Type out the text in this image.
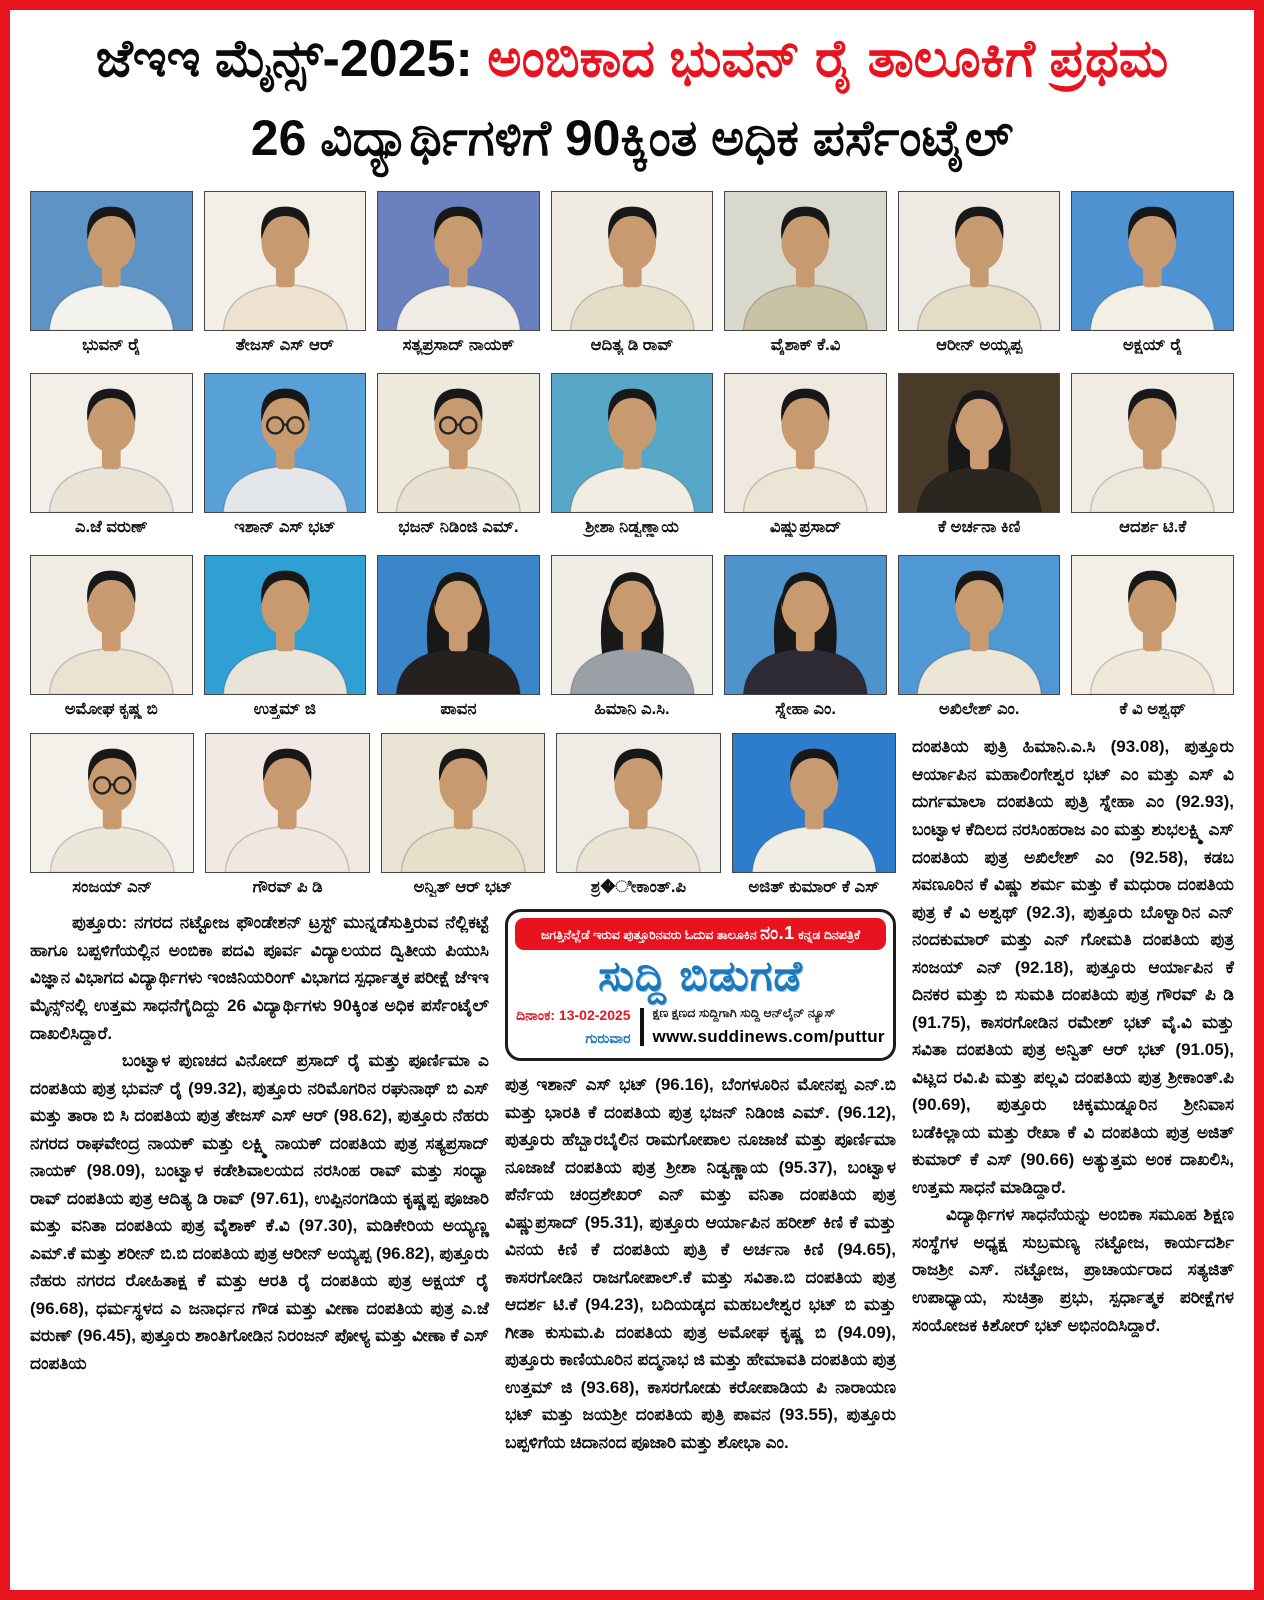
ಜೆಇಇ ಮೈನ್ಸ್-2025: ಅಂಬಿಕಾದ ಭುವನ್ ರೈ ತಾಲೂಕಿಗೆ ಪ್ರಥಮ
26 ವಿದ್ಯಾರ್ಥಿಗಳಿಗೆ 90ಕ್ಕಿಂತ ಅಧಿಕ ಪರ್ಸೆಂಟೈಲ್
ಭುವನ್ ರೈ	ತೇಜಸ್ ಎಸ್ ಆರ್	ಸತ್ಯಪ್ರಸಾದ್ ನಾಯಕ್	ಆದಿತ್ಯ ಡಿ ರಾವ್	ವೈಶಾಕ್ ಕೆ.ವಿ	ಆರೀನ್ ಅಯ್ಯಪ್ಪ	ಅಕ್ಷಯ್ ರೈ
ಎ.ಜೆ ವರುಣ್	ಇಶಾನ್ ಎಸ್ ಭಟ್	ಭಜನ್ ನಿಡಿಂಜಿ ಎಮ್.	ಶ್ರೀಶಾ ನಿಡ್ವಣ್ಣಾಯ	ವಿಷ್ಣುಪ್ರಸಾದ್	ಕೆ ಅರ್ಚನಾ ಕಿಣಿ	ಆದರ್ಶ ಟಿ.ಕೆ
ಅಮೋಘ ಕೃಷ್ಣ ಬಿ	ಉತ್ತಮ್ ಜಿ	ಪಾವನ	ಹಿಮಾನಿ ಎ.ಸಿ.	ಸ್ನೇಹಾ ಎಂ.	ಅಖಿಲೇಶ್ ಎಂ.	ಕೆ ವಿ ಅಶ್ವಥ್
ಸಂಜಯ್ ಎನ್	ಗೌರವ್ ಪಿ ಡಿ	ಅನ್ವಿತ್ ಆರ್ ಭಟ್	ಶ್ರ�ೀಕಾಂತ್.ಪಿ	ಅಜಿತ್ ಕುಮಾರ್ ಕೆ ಎಸ್

ಪುತ್ತೂರು: ನಗರದ ನಟ್ಟೋಜ ಫೌಂಡೇಶನ್ ಟ್ರಸ್ಟ್ ಮುನ್ನಡೆಸುತ್ತಿರುವ ನೆಲ್ಲಿಕಟ್ಟೆ ಹಾಗೂ ಬಪ್ಪಳಿಗೆಯಲ್ಲಿನ ಅಂಬಿಕಾ ಪದವಿ ಪೂರ್ವ ವಿದ್ಯಾಲಯದ ದ್ವಿತೀಯ ಪಿಯುಸಿ ವಿಜ್ಞಾನ ವಿಭಾಗದ ವಿದ್ಯಾರ್ಥಿಗಳು ಇಂಜಿನಿಯರಿಂಗ್ ವಿಭಾಗದ ಸ್ಪರ್ಧಾತ್ಮಕ ಪರೀಕ್ಷೆ ಜೆಇಇ ಮೈನ್ಸ್‌ನಲ್ಲಿ ಉತ್ತಮ ಸಾಧನೆಗೈದಿದ್ದು 26 ವಿದ್ಯಾರ್ಥಿಗಳು 90ಕ್ಕಿಂತ ಅಧಿಕ ಪರ್ಸೆಂಟೈಲ್ ದಾಖಲಿಸಿದ್ದಾರೆ.

ಬಂಟ್ವಾಳ ಪುಣಚದ ವಿನೋದ್ ಪ್ರಸಾದ್ ರೈ ಮತ್ತು ಪೂರ್ಣಿಮಾ ಎ ದಂಪತಿಯ ಪುತ್ರ ಭುವನ್ ರೈ (99.32), ಪುತ್ತೂರು ನರಿಮೊಗರಿನ ರಘುನಾಥ್ ಬಿ ಎಸ್ ಮತ್ತು ತಾರಾ ಬಿ ಸಿ ದಂಪತಿಯ ಪುತ್ರ ತೇಜಸ್ ಎಸ್ ಆರ್ (98.62), ಪುತ್ತೂರು ನೆಹರು ನಗರದ ರಾಘವೇಂದ್ರ ನಾಯಕ್ ಮತ್ತು ಲಕ್ಷ್ಮಿ ನಾಯಕ್ ದಂಪತಿಯ ಪುತ್ರ ಸತ್ಯಪ್ರಸಾದ್ ನಾಯಕ್ (98.09), ಬಂಟ್ವಾಳ ಕಡೇಶಿವಾಲಯದ ನರಸಿಂಹ ರಾವ್ ಮತ್ತು ಸಂಧ್ಯಾ ರಾವ್ ದಂಪತಿಯ ಪುತ್ರ ಆದಿತ್ಯ ಡಿ ರಾವ್ (97.61), ಉಪ್ಪಿನಂಗಡಿಯ ಕೃಷ್ಣಪ್ಪ ಪೂಜಾರಿ ಮತ್ತು ವನಿತಾ ದಂಪತಿಯ ಪುತ್ರ ವೈಶಾಕ್ ಕೆ.ವಿ (97.30), ಮಡಿಕೇರಿಯ ಅಯ್ಯಣ್ಣ ಎಮ್.ಕೆ ಮತ್ತು ಶರೀನ್ ಬಿ.ಬಿ ದಂಪತಿಯ ಪುತ್ರ ಆರೀನ್ ಅಯ್ಯಪ್ಪ (96.82), ಪುತ್ತೂರು ನೆಹರು ನಗರದ ರೋಹಿತಾಕ್ಷ ಕೆ ಮತ್ತು ಆರತಿ ರೈ ದಂಪತಿಯ ಪುತ್ರ ಅಕ್ಷಯ್ ರೈ (96.68), ಧರ್ಮಸ್ಥಳದ ಎ ಜನಾರ್ಧನ ಗೌಡ ಮತ್ತು ವೀಣಾ ದಂಪತಿಯ ಪುತ್ರ ಎ.ಜೆ ವರುಣ್ (96.45), ಪುತ್ತೂರು ಶಾಂತಿಗೋಡಿನ ನಿರಂಜನ್ ಪೋಳ್ಯ ಮತ್ತು ವೀಣಾ ಕೆ ಎಸ್ ದಂಪತಿಯ

ಜಗತ್ತಿನೆಲ್ಲೆಡೆ ಇರುವ ಪುತ್ತೂರಿನವರು ಓದುವ ತಾಲೂಕಿನ ನಂ.1 ಕನ್ನಡ ದಿನಪತ್ರಿಕೆ
ಸುದ್ದಿ ಬಿಡುಗಡೆ
ದಿನಾಂಕ: 13-02-2025
ಗುರುವಾರ
ಕ್ಷಣ ಕ್ಷಣದ ಸುದ್ದಿಗಾಗಿ ಸುದ್ದಿ ಆನ್‌ಲೈನ್ ನ್ಯೂಸ್
www.suddinews.com/puttur

ಪುತ್ರ ಇಶಾನ್ ಎಸ್ ಭಟ್ (96.16), ಬೆಂಗಳೂರಿನ ಮೋನಪ್ಪ ಎನ್.ಬಿ ಮತ್ತು ಭಾರತಿ ಕೆ ದಂಪತಿಯ ಪುತ್ರ ಭಜನ್ ನಿಡಿಂಜಿ ಎಮ್. (96.12), ಪುತ್ತೂರು ಹೆಬ್ಬಾರಬೈಲಿನ ರಾಮಗೋಪಾಲ ನೂಜಾಜೆ ಮತ್ತು ಪೂರ್ಣಿಮಾ ನೂಜಾಜೆ ದಂಪತಿಯ ಪುತ್ರ ಶ್ರೀಶಾ ನಿಡ್ವಣ್ಣಾಯ (95.37), ಬಂಟ್ವಾಳ ಪೆರ್ನೆಯ ಚಂದ್ರಶೇಖರ್ ಎನ್ ಮತ್ತು ವನಿತಾ ದಂಪತಿಯ ಪುತ್ರ ವಿಷ್ಣುಪ್ರಸಾದ್ (95.31), ಪುತ್ತೂರು ಆರ್ಯಾಪಿನ ಹರೀಶ್ ಕಿಣಿ ಕೆ ಮತ್ತು ವಿನಯ ಕಿಣಿ ಕೆ ದಂಪತಿಯ ಪುತ್ರಿ ಕೆ ಅರ್ಚನಾ ಕಿಣಿ (94.65), ಕಾಸರಗೋಡಿನ ರಾಜಗೋಪಾಲ್.ಕೆ ಮತ್ತು ಸವಿತಾ.ಬಿ ದಂಪತಿಯ ಪುತ್ರ ಆದರ್ಶ ಟಿ.ಕೆ (94.23), ಬದಿಯಡ್ಕದ ಮಹಬಲೇಶ್ವರ ಭಟ್ ಬಿ ಮತ್ತು ಗೀತಾ ಕುಸುಮ.ಪಿ ದಂಪತಿಯ ಪುತ್ರ ಅಮೋಘ ಕೃಷ್ಣ ಬಿ (94.09), ಪುತ್ತೂರು ಕಾಣಿಯೂರಿನ ಪದ್ಮನಾಭ ಜಿ ಮತ್ತು ಹೇಮಾವತಿ ದಂಪತಿಯ ಪುತ್ರ ಉತ್ತಮ್ ಜಿ (93.68), ಕಾಸರಗೋಡು ಕರೋಪಾಡಿಯ ಪಿ ನಾರಾಯಣ ಭಟ್ ಮತ್ತು ಜಯಶ್ರೀ ದಂಪತಿಯ ಪುತ್ರಿ ಪಾವನ (93.55), ಪುತ್ತೂರು ಬಪ್ಪಳಿಗೆಯ ಚಿದಾನಂದ ಪೂಜಾರಿ ಮತ್ತು ಶೋಭಾ ಎಂ.

ದಂಪತಿಯ ಪುತ್ರಿ ಹಿಮಾನಿ.ಎ.ಸಿ (93.08), ಪುತ್ತೂರು ಆರ್ಯಾಪಿನ ಮಹಾಲಿಂಗೇಶ್ವರ ಭಟ್ ಎಂ ಮತ್ತು ಎಸ್ ವಿ ದುರ್ಗಮಾಲಾ ದಂಪತಿಯ ಪುತ್ರಿ ಸ್ನೇಹಾ ಎಂ (92.93), ಬಂಟ್ವಾಳ ಕೆದಿಲದ ನರಸಿಂಹರಾಜ ಎಂ ಮತ್ತು ಶುಭಲಕ್ಷ್ಮಿ ಎಸ್ ದಂಪತಿಯ ಪುತ್ರ ಅಖಿಲೇಶ್ ಎಂ (92.58), ಕಡಬ ಸವಣೂರಿನ ಕೆ ವಿಷ್ಣು ಶರ್ಮ ಮತ್ತು ಕೆ ಮಧುರಾ ದಂಪತಿಯ ಪುತ್ರ ಕೆ ವಿ ಅಶ್ವಥ್ (92.3), ಪುತ್ತೂರು ಬೊಳ್ವಾರಿನ ಎನ್ ನಂದಕುಮಾರ್ ಮತ್ತು ಎನ್ ಗೋಮತಿ ದಂಪತಿಯ ಪುತ್ರ ಸಂಜಯ್ ಎನ್ (92.18), ಪುತ್ತೂರು ಆರ್ಯಾಪಿನ ಕೆ ದಿನಕರ ಮತ್ತು ಬಿ ಸುಮತಿ ದಂಪತಿಯ ಪುತ್ರ ಗೌರವ್ ಪಿ ಡಿ (91.75), ಕಾಸರಗೋಡಿನ ರಮೇಶ್ ಭಟ್ ವೈ.ವಿ ಮತ್ತು ಸವಿತಾ ದಂಪತಿಯ ಪುತ್ರ ಅನ್ವಿತ್ ಆರ್ ಭಟ್ (91.05), ವಿಟ್ಲದ ರವಿ.ಪಿ ಮತ್ತು ಪಲ್ಲವಿ ದಂಪತಿಯ ಪುತ್ರ ಶ್ರೀಕಾಂತ್.ಪಿ (90.69), ಪುತ್ತೂರು ಚಿಕ್ಕಮುಡ್ನೂರಿನ ಶ್ರೀನಿವಾಸ ಬಡೆಕಿಲ್ಲಾಯ ಮತ್ತು ರೇಖಾ ಕೆ ವಿ ದಂಪತಿಯ ಪುತ್ರ ಅಜಿತ್ ಕುಮಾರ್ ಕೆ ಎಸ್ (90.66) ಅತ್ಯುತ್ತಮ ಅಂಕ ದಾಖಲಿಸಿ, ಉತ್ತಮ ಸಾಧನೆ ಮಾಡಿದ್ದಾರೆ.

ವಿದ್ಯಾರ್ಥಿಗಳ ಸಾಧನೆಯನ್ನು ಅಂಬಿಕಾ ಸಮೂಹ ಶಿಕ್ಷಣ ಸಂಸ್ಥೆಗಳ ಅಧ್ಯಕ್ಷ ಸುಬ್ರಮಣ್ಯ ನಟ್ಟೋಜ, ಕಾರ್ಯದರ್ಶಿ ರಾಜಶ್ರೀ ಎಸ್. ನಟ್ಟೋಜ, ಪ್ರಾಚಾರ್ಯರಾದ ಸತ್ಯಜಿತ್ ಉಪಾಧ್ಯಾಯ, ಸುಚಿತ್ರಾ ಪ್ರಭು, ಸ್ಪರ್ಧಾತ್ಮಕ ಪರೀಕ್ಷೆಗಳ ಸಂಯೋಜಕ ಕಿಶೋರ್ ಭಟ್ ಅಭಿನಂದಿಸಿದ್ದಾರೆ.
